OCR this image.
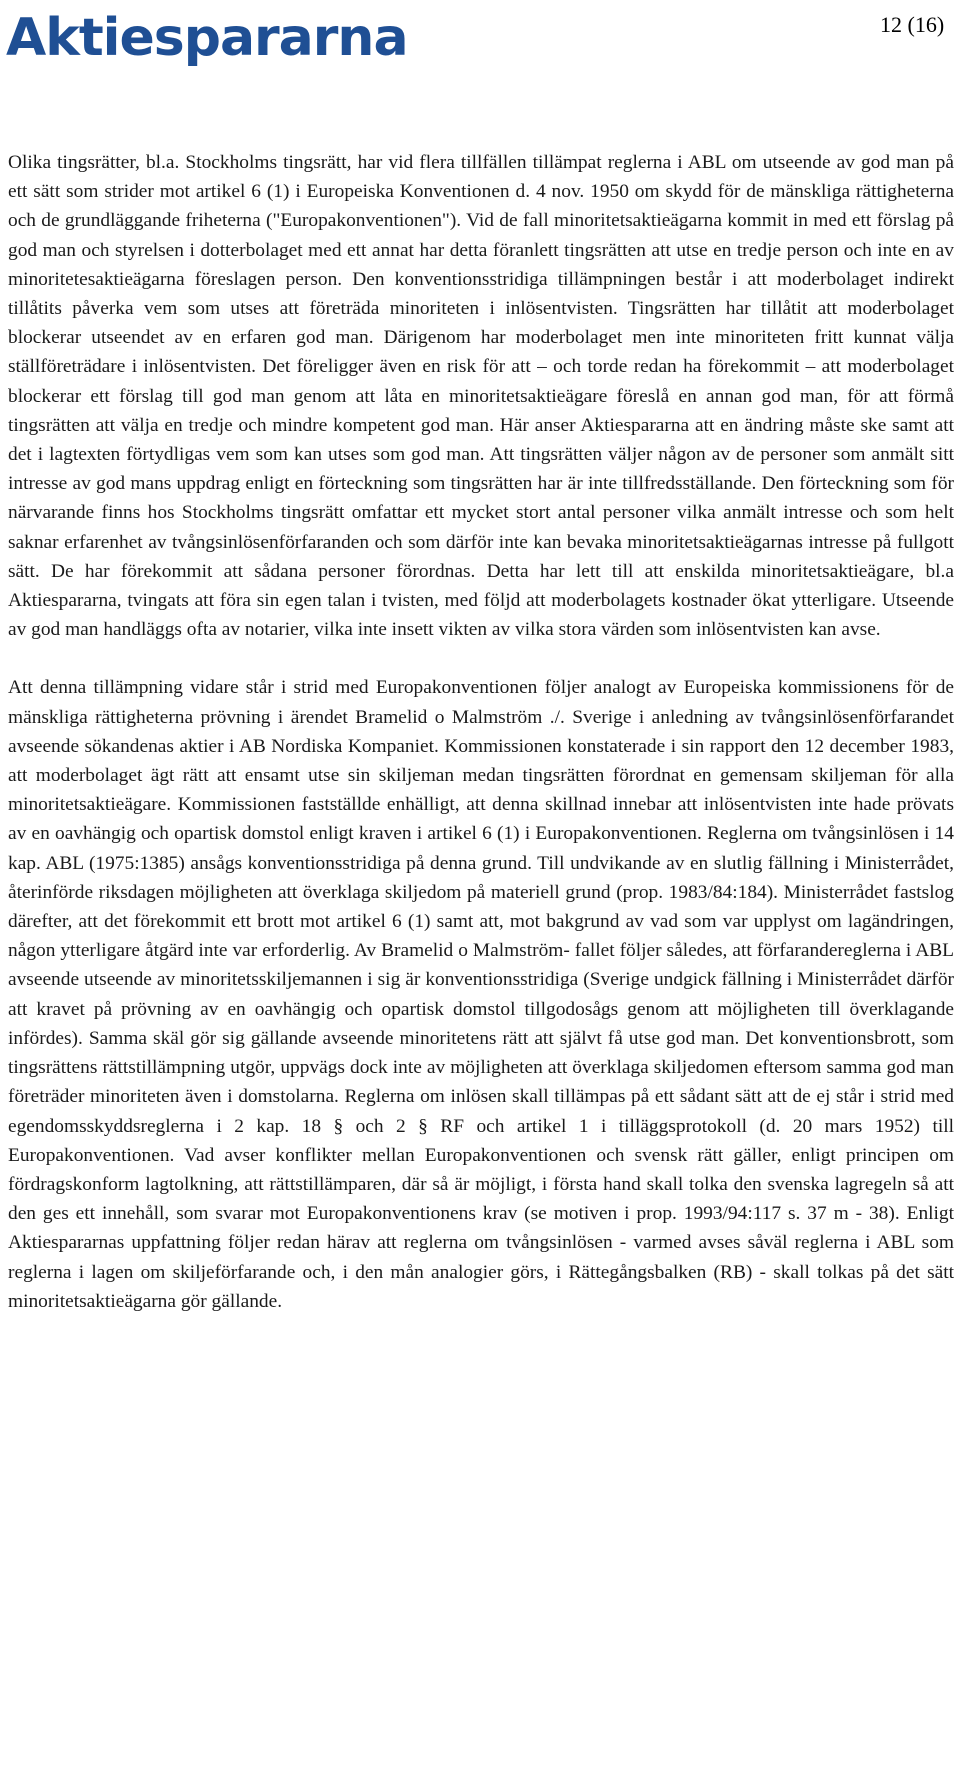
Aktiespararna	12 (16)

Olika tingsrätter, bl.a. Stockholms tingsrätt, har vid flera tillfällen tillämpat reglerna i ABL om utseende av god man på ett sätt som strider mot artikel 6 (1) i Europeiska Konventionen d. 4 nov. 1950 om skydd för de mänskliga rättigheterna och de grundläggande friheterna ("Europakonventionen"). Vid de fall minoritetsaktieägarna kommit in med ett förslag på god man och styrelsen i dotterbolaget med ett annat har detta föranlett tingsrätten att utse en tredje person och inte en av minoritetesaktieägarna föreslagen person. Den konventionsstridiga tillämpningen består i att moderbolaget indirekt tillåtits påverka vem som utses att företräda minoriteten i inlösentvisten. Tingsrätten har tillåtit att moderbolaget blockerar utseendet av en erfaren god man. Därigenom har moderbolaget men inte minoriteten fritt kunnat välja ställföreträdare i inlösentvisten. Det föreligger även en risk för att – och torde redan ha förekommit – att moderbolaget blockerar ett förslag till god man genom att låta en minoritetsaktieägare föreslå en annan god man, för att förmå tingsrätten att välja en tredje och mindre kompetent god man. Här anser Aktiespararna att en ändring måste ske samt att det i lagtexten förtydligas vem som kan utses som god man. Att tingsrätten väljer någon av de personer som anmält sitt intresse av god mans uppdrag enligt en förteckning som tingsrätten har är inte tillfredsställande. Den förteckning som för närvarande finns hos Stockholms tingsrätt omfattar ett mycket stort antal personer vilka anmält intresse och som helt saknar erfarenhet av tvångsinlösenförfaranden och som därför inte kan bevaka minoritetsaktieägarnas intresse på fullgott sätt. De har förekommit att sådana personer förordnas. Detta har lett till att enskilda minoritetsaktieägare, bl.a Aktiespararna, tvingats att föra sin egen talan i tvisten, med följd att moderbolagets kostnader ökat ytterligare. Utseende av god man handläggs ofta av notarier, vilka inte insett vikten av vilka stora värden som inlösentvisten kan avse.

Att denna tillämpning vidare står i strid med Europakonventionen följer analogt av Europeiska kommissionens för de mänskliga rättigheterna prövning i ärendet Bramelid o Malmström ./. Sverige i anledning av tvångsinlösenförfarandet avseende sökandenas aktier i AB Nordiska Kompaniet. Kommissionen konstaterade i sin rapport den 12 december 1983, att moderbolaget ägt rätt att ensamt utse sin skiljeman medan tingsrätten förordnat en gemensam skiljeman för alla minoritetsaktieägare. Kommissionen fastställde enhälligt, att denna skillnad innebar att inlösentvisten inte hade prövats av en oavhängig och opartisk domstol enligt kraven i artikel 6 (1) i Europakonventionen. Reglerna om tvångsinlösen i 14 kap. ABL (1975:1385) ansågs konventionsstridiga på denna grund. Till undvikande av en slutlig fällning i Ministerrådet, återinförde riksdagen möjligheten att överklaga skiljedom på materiell grund (prop. 1983/84:184). Ministerrådet fastslog därefter, att det förekommit ett brott mot artikel 6 (1) samt att, mot bakgrund av vad som var upplyst om lagändringen, någon ytterligare åtgärd inte var erforderlig. Av Bramelid o Malmström- fallet följer således, att förfarandereglerna i ABL avseende utseende av minoritetsskiljemannen i sig är konventionsstridiga (Sverige undgick fällning i Ministerrådet därför att kravet på prövning av en oavhängig och opartisk domstol tillgodosågs genom att möjligheten till överklagande infördes). Samma skäl gör sig gällande avseende minoritetens rätt att självt få utse god man. Det konventionsbrott, som tingsrättens rättstillämpning utgör, uppvägs dock inte av möjligheten att överklaga skiljedomen eftersom samma god man företräder minoriteten även i domstolarna. Reglerna om inlösen skall tillämpas på ett sådant sätt att de ej står i strid med egendomsskyddsreglerna i 2 kap. 18 § och 2 § RF och artikel 1 i tilläggsprotokoll (d. 20 mars 1952) till Europakonventionen. Vad avser konflikter mellan Europakonventionen och svensk rätt gäller, enligt principen om fördragskonform lagtolkning, att rättstillämparen, där så är möjligt, i första hand skall tolka den svenska lagregeln så att den ges ett innehåll, som svarar mot Europakonventionens krav (se motiven i prop. 1993/94:117 s. 37 m - 38). Enligt Aktiespararnas uppfattning följer redan härav att reglerna om tvångsinlösen - varmed avses såväl reglerna i ABL som reglerna i lagen om skiljeförfarande och, i den mån analogier görs, i Rättegångsbalken (RB) - skall tolkas på det sätt minoritetsaktieägarna gör gällande.
